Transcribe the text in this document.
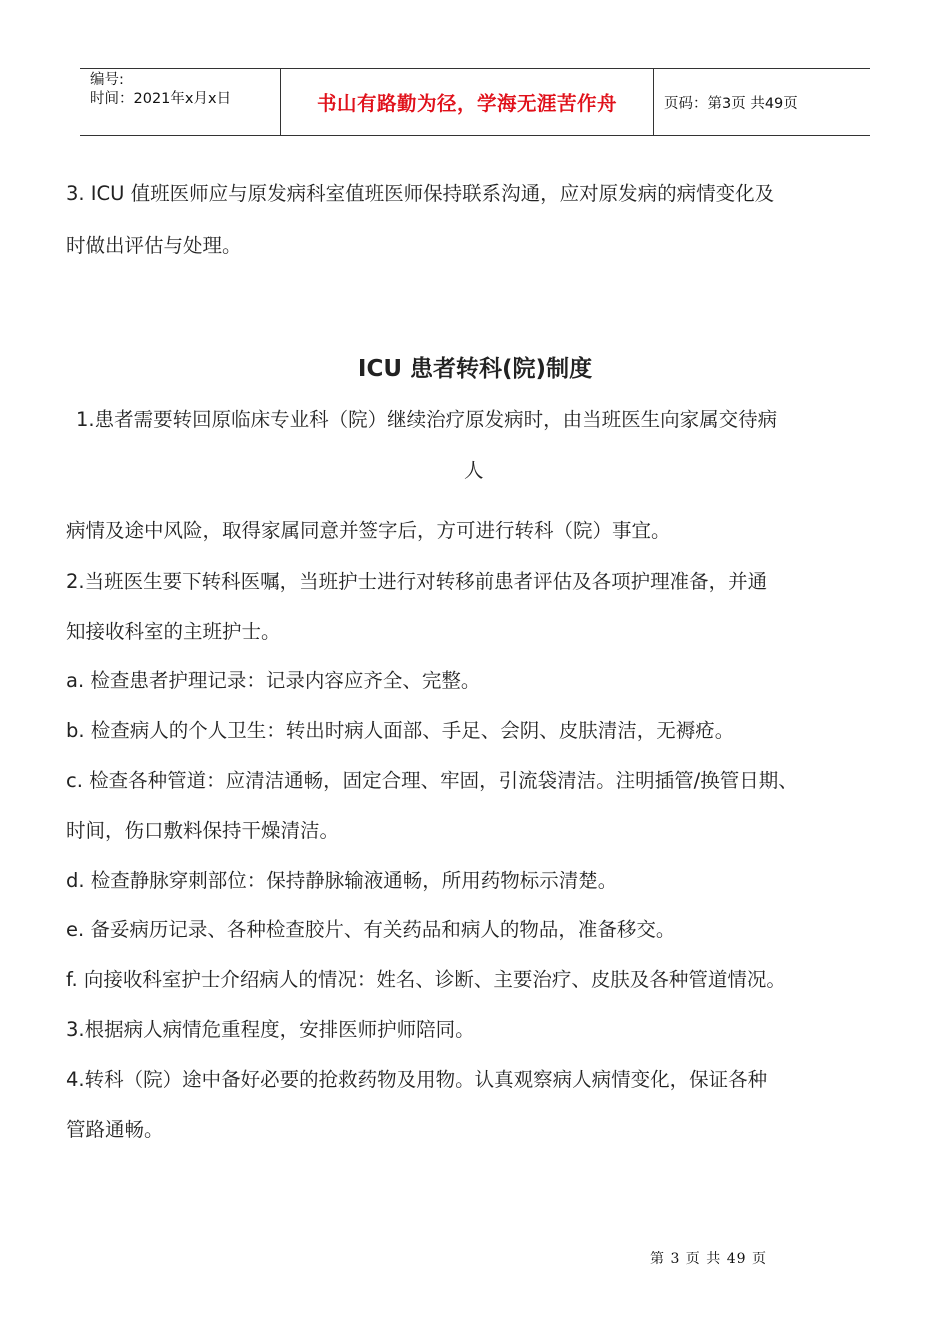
编号:
时间：2021年x月x日	书山有路勤为径，学海无涯苦作舟	页码：第3页 共49页
3. ICU 值班医师应与原发病科室值班医师保持联系沟通，应对原发病的病情变化及
时做出评估与处理。
ICU 患者转科(院)制度
1.患者需要转回原临床专业科（院）继续治疗原发病时，由当班医生向家属交待病
人
病情及途中风险，取得家属同意并签字后，方可进行转科（院）事宜。
2.当班医生要下转科医嘱，当班护士进行对转移前患者评估及各项护理准备，并通
知接收科室的主班护士。
a. 检查患者护理记录：记录内容应齐全、完整。
b. 检查病人的个人卫生：转出时病人面部、手足、会阴、皮肤清洁，无褥疮。
c. 检查各种管道：应清洁通畅，固定合理、牢固，引流袋清洁。注明插管/换管日期、
时间，伤口敷料保持干燥清洁。
d. 检查静脉穿刺部位：保持静脉输液通畅，所用药物标示清楚。
e. 备妥病历记录、各种检查胶片、有关药品和病人的物品，准备移交。
f. 向接收科室护士介绍病人的情况：姓名、诊断、主要治疗、皮肤及各种管道情况。
3.根据病人病情危重程度，安排医师护师陪同。
4.转科（院）途中备好必要的抢救药物及用物。认真观察病人病情变化，保证各种
管路通畅。
第 3 页 共 49 页
